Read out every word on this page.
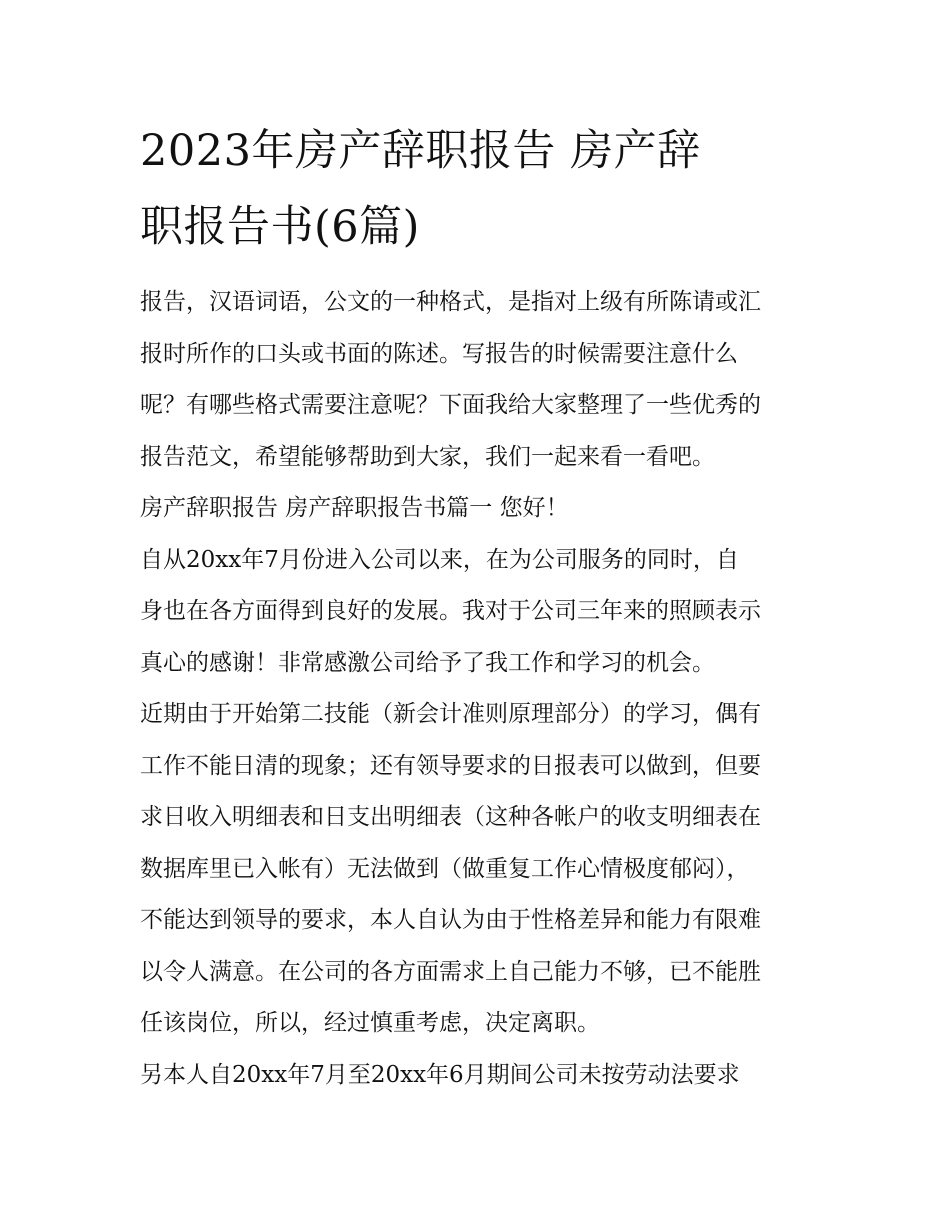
2023年房产辞职报告 房产辞
职报告书(6篇)
报告，汉语词语，公文的一种格式，是指对上级有所陈请或汇
报时所作的口头或书面的陈述。写报告的时候需要注意什么
呢？有哪些格式需要注意呢？下面我给大家整理了一些优秀的
报告范文，希望能够帮助到大家，我们一起来看一看吧。
房产辞职报告 房产辞职报告书篇一 您好！
自从20xx年7月份进入公司以来，在为公司服务的同时，自
身也在各方面得到良好的发展。我对于公司三年来的照顾表示
真心的感谢！非常感激公司给予了我工作和学习的机会。
近期由于开始第二技能（新会计准则原理部分）的学习，偶有
工作不能日清的现象；还有领导要求的日报表可以做到，但要
求日收入明细表和日支出明细表（这种各帐户的收支明细表在
数据库里已入帐有）无法做到（做重复工作心情极度郁闷），
不能达到领导的要求，本人自认为由于性格差异和能力有限难
以令人满意。在公司的各方面需求上自己能力不够，已不能胜
任该岗位，所以，经过慎重考虑，决定离职。
另本人自20xx年7月至20xx年6月期间公司未按劳动法要求
